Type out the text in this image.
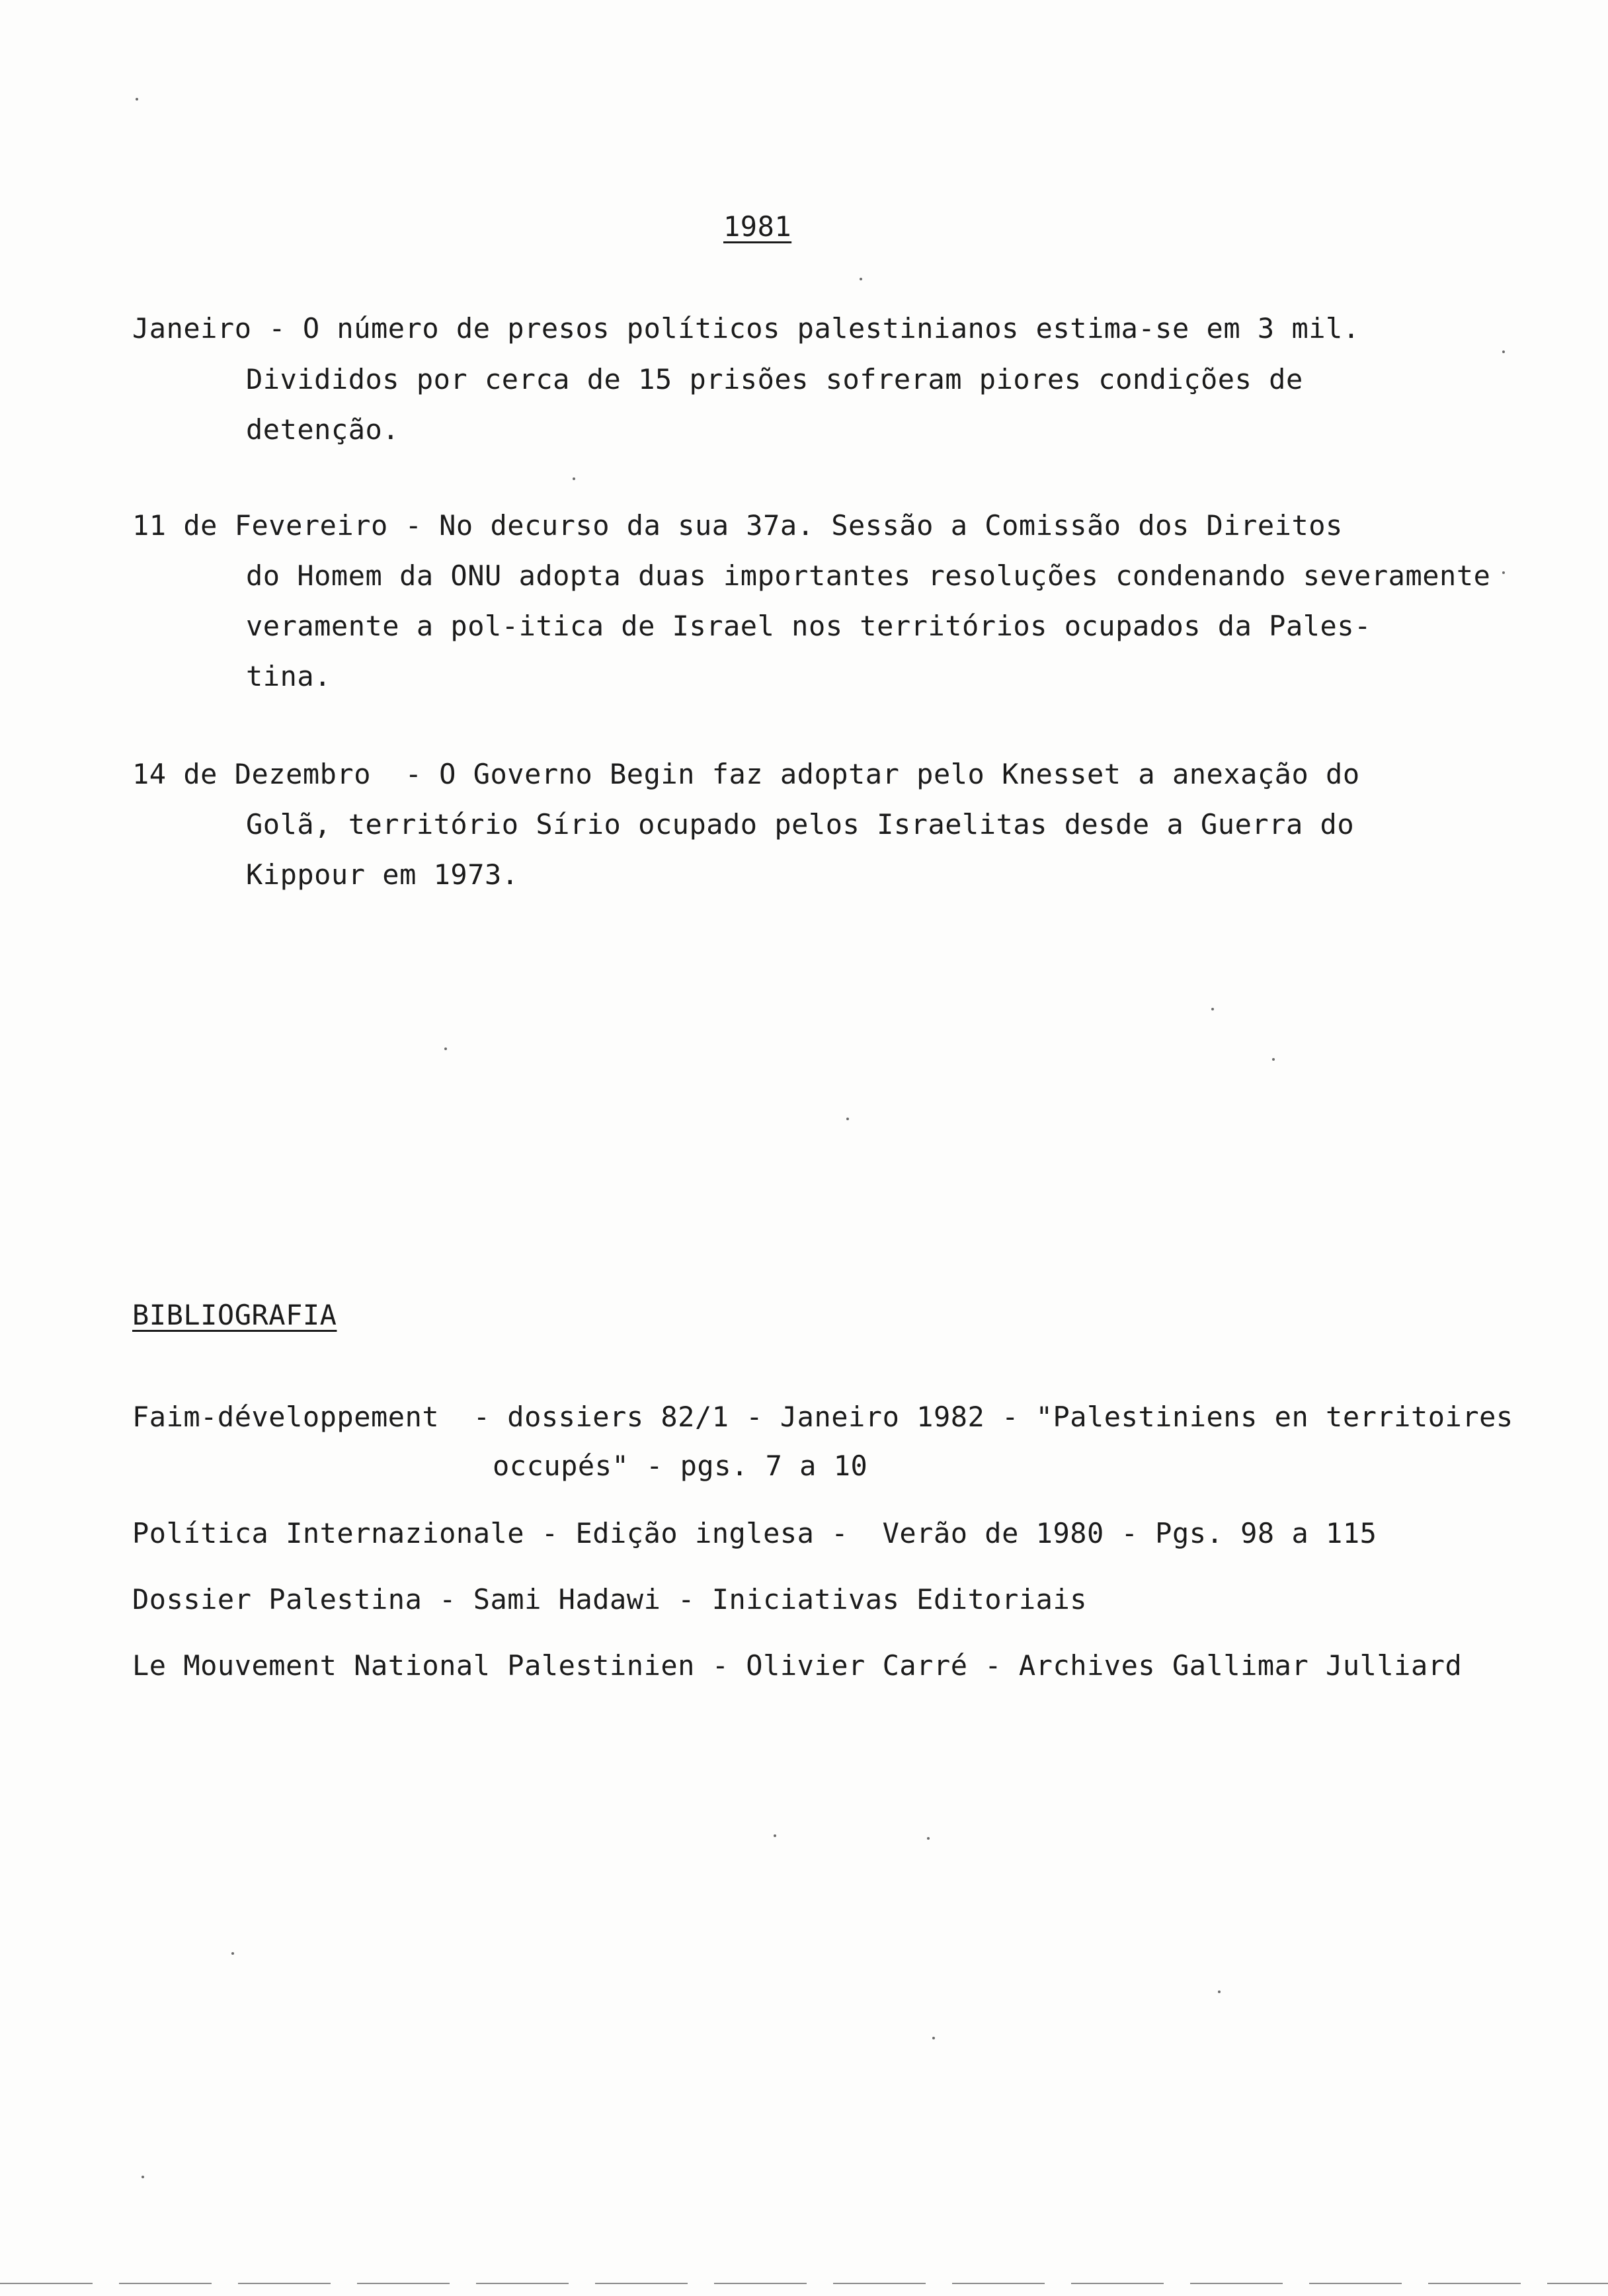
1981
Janeiro - O número de presos políticos palestinianos estima-se em 3 mil.
Divididos por cerca de 15 prisões sofreram piores condições de
detenção.
11 de Fevereiro - No decurso da sua 37a. Sessão a Comissão dos Direitos
do Homem da ONU adopta duas importantes resoluções condenando severamente
veramente a pol-itica de Israel nos territórios ocupados da Pales-
tina.
14 de Dezembro  - O Governo Begin faz adoptar pelo Knesset a anexação do
Golã, território Sírio ocupado pelos Israelitas desde a Guerra do
Kippour em 1973.
BIBLIOGRAFIA
Faim-développement  - dossiers 82/1 - Janeiro 1982 - "Palestiniens en territoires
occupés" - pgs. 7 a 10
Política Internazionale - Edição inglesa -  Verão de 1980 - Pgs. 98 a 115
Dossier Palestina - Sami Hadawi - Iniciativas Editoriais
Le Mouvement National Palestinien - Olivier Carré - Archives Gallimar Julliard
